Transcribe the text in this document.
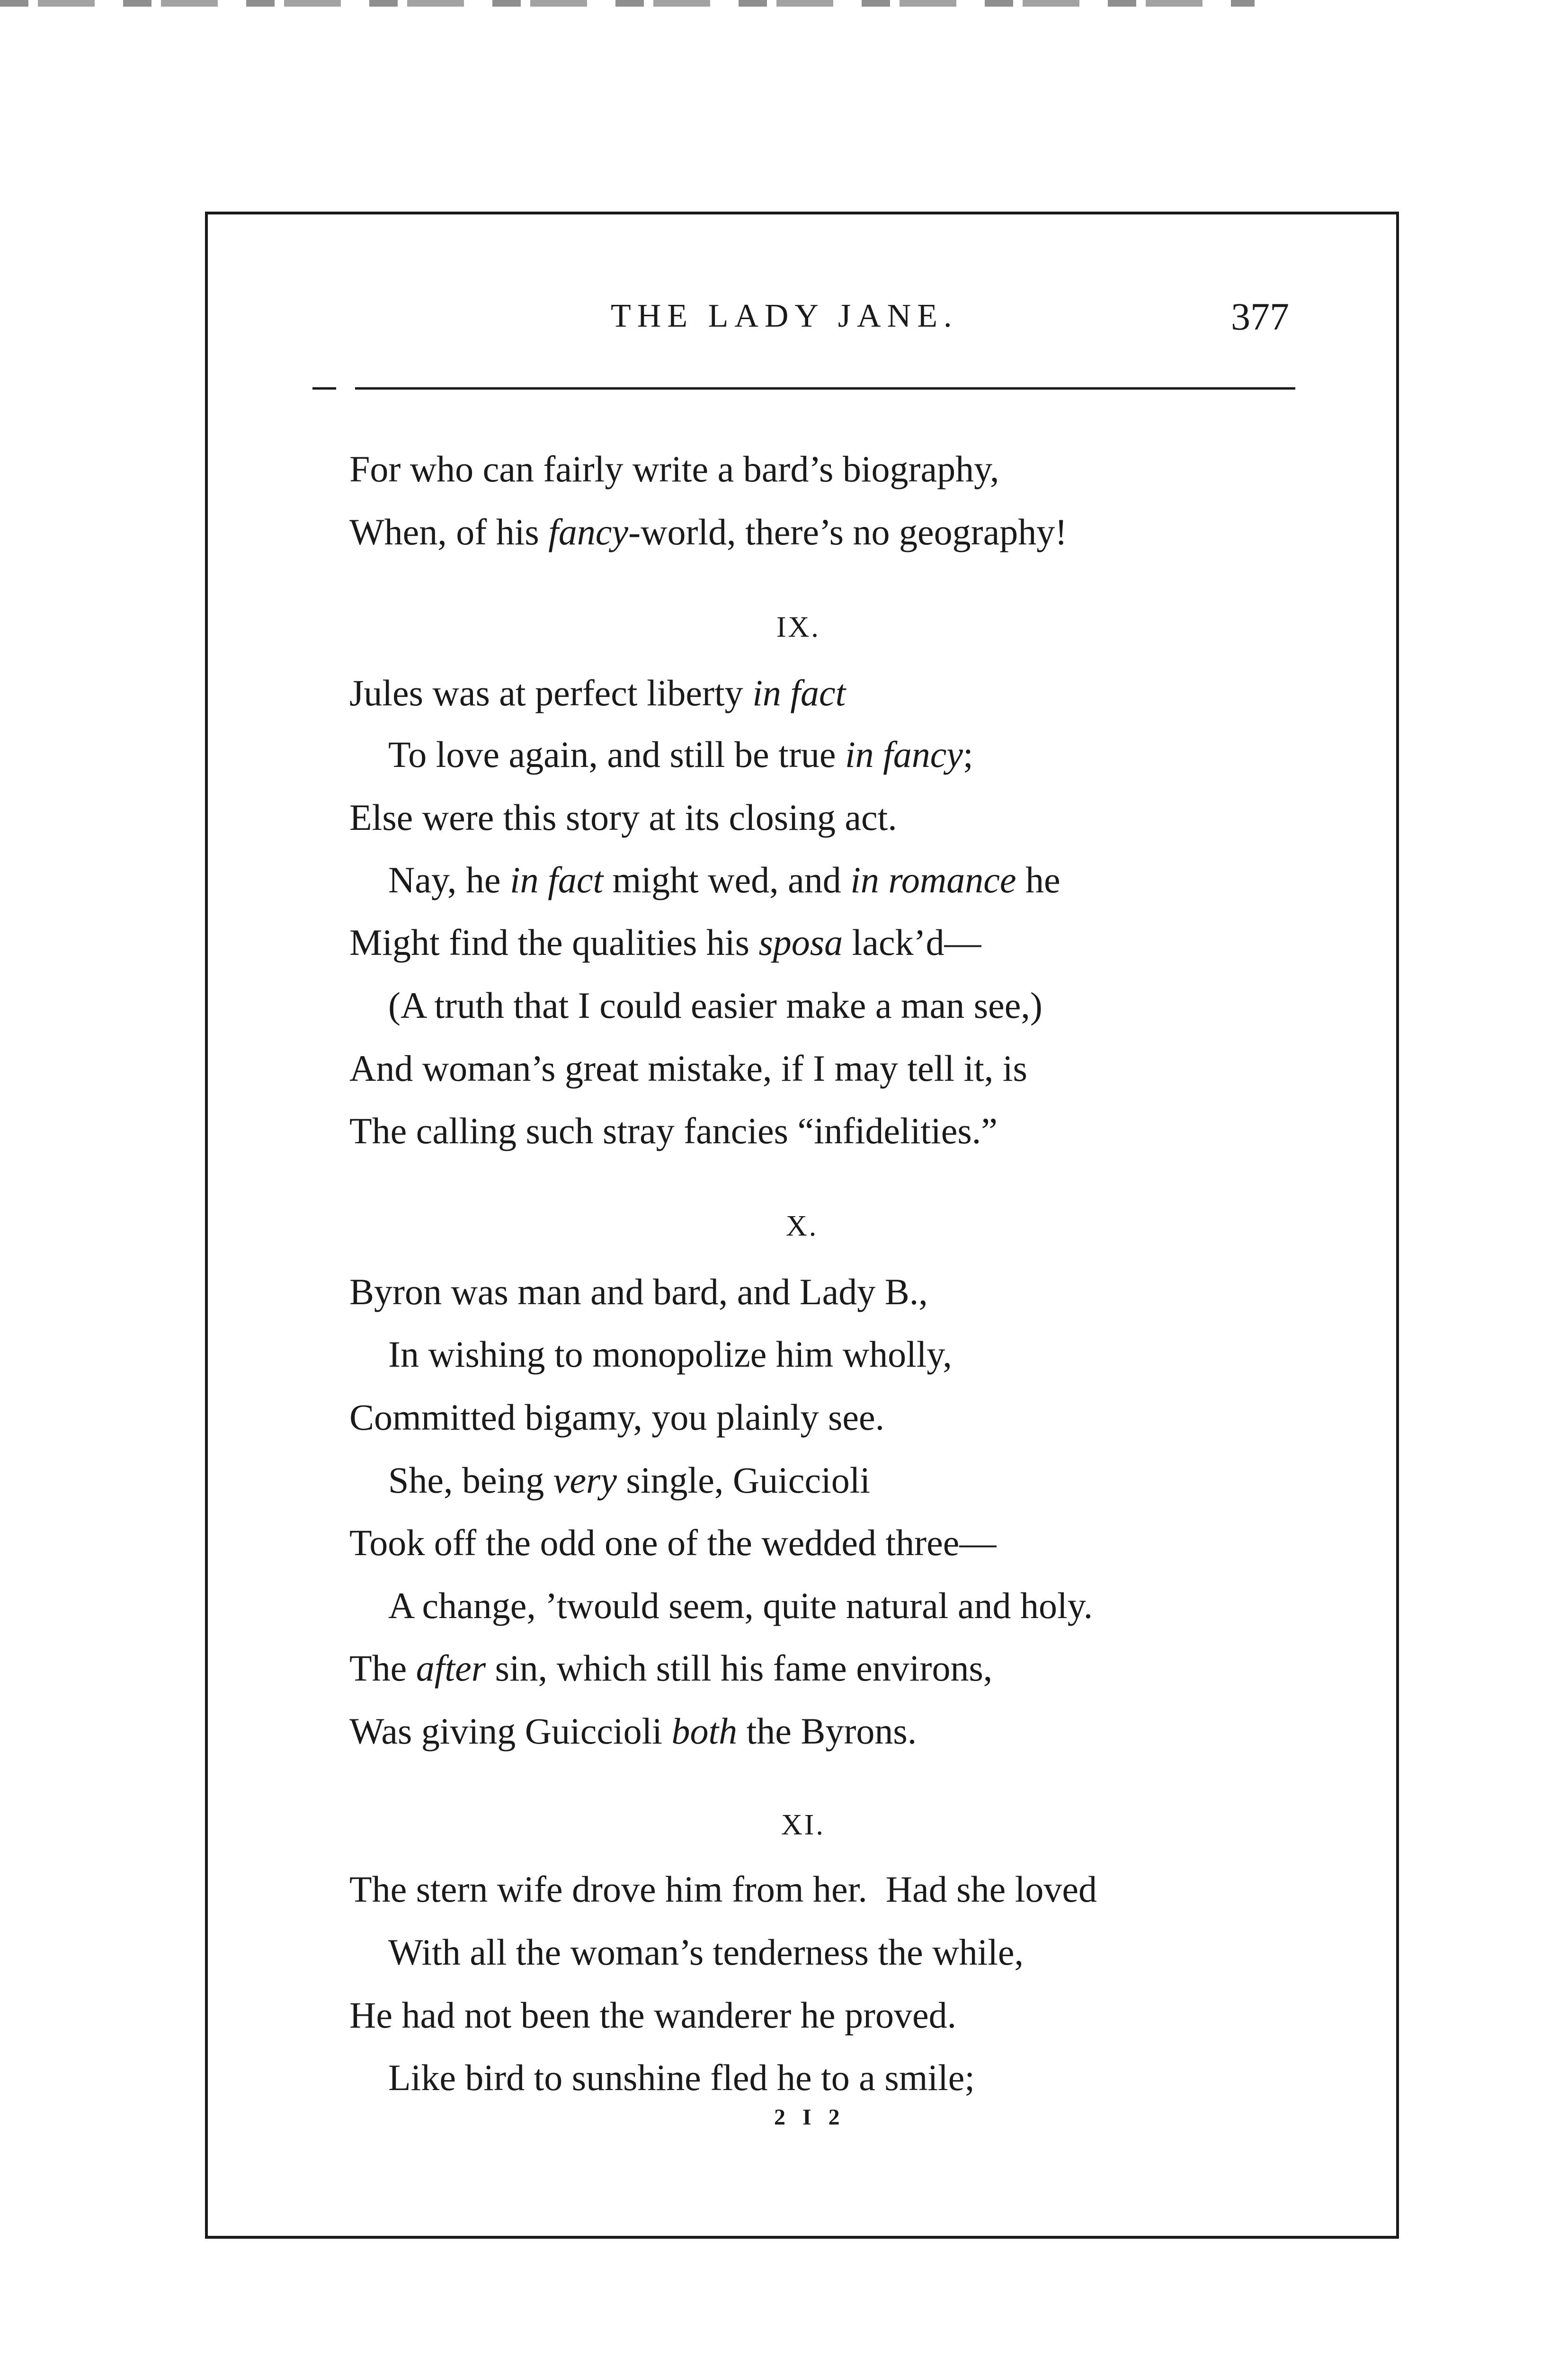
THE LADY JANE.	377
For who can fairly write a bard’s biography,
When, of his fancy-world, there’s no geography!
IX.
Jules was at perfect liberty in fact
To love again, and still be true in fancy;
Else were this story at its closing act.
Nay, he in fact might wed, and in romance he
Might find the qualities his sposa lack’d—
(A truth that I could easier make a man see,)
And woman’s great mistake, if I may tell it, is
The calling such stray fancies “infidelities.”
X.
Byron was man and bard, and Lady B.,
In wishing to monopolize him wholly,
Committed bigamy, you plainly see.
She, being very single, Guiccioli
Took off the odd one of the wedded three—
A change, ’twould seem, quite natural and holy.
The after sin, which still his fame environs,
Was giving Guiccioli both the Byrons.
XI.
The stern wife drove him from her.  Had she loved
With all the woman’s tenderness the while,
He had not been the wanderer he proved.
Like bird to sunshine fled he to a smile;
2 I 2
